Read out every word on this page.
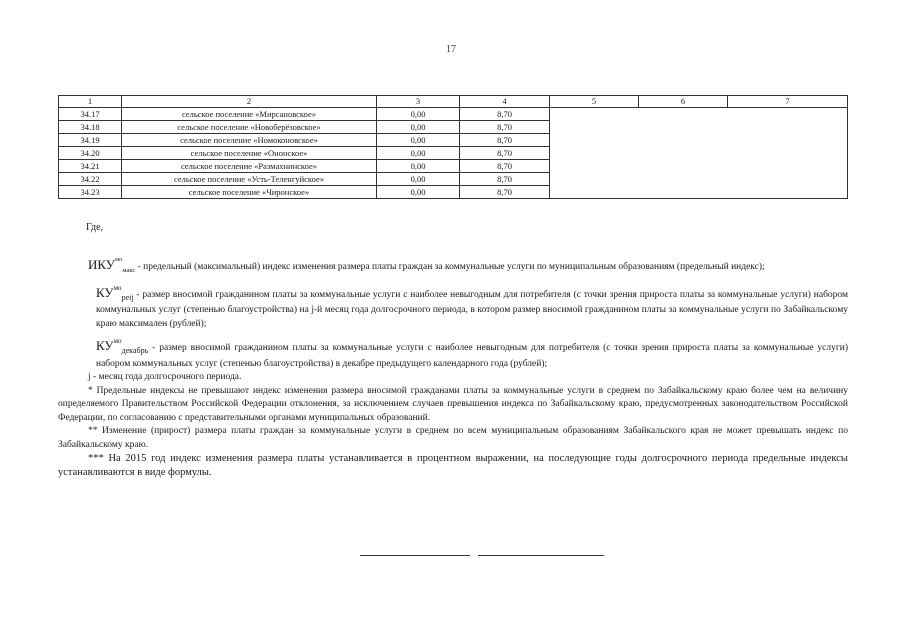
17
1	2	3	4	5	6	7
34.17	сельское поселение «Мирсановское»	0,00	8,70			
34.18	сельское поселение «Новоберёзовское»	0,00	8,70			
34.19	сельское поселение «Номоконовское»	0,00	8,70			
34.20	сельское поселение «Ононское»	0,00	8,70			
34.21	сельское поселение «Размахнинское»	0,00	8,70			
34.22	сельское поселение «Усть-Теленгуйское»	0,00	8,70			
34.23	сельское поселение «Чиронское»	0,00	8,70			
Где,

$ИКУ^{мо}_{макс}$ - предельный (максимальный) индекс изменения размера платы граждан за коммунальные услуги по муниципальным образованиям (предельный индекс);

$КУ^{мо}_{peij}$ - размер вносимой гражданином платы за коммунальные услуги с наиболее невыгодным для потребителя (с точки зрения прироста платы за коммунальные услуги) набором коммунальных услуг (степенью благоустройства) на j-й месяц года долгосрочного периода, в котором размер вносимой гражданином платы за коммунальные услуги по Забайкальскому краю максимален (рублей);

$КУ^{мо}_{декабрь}$ - размер вносимой гражданином платы за коммунальные услуги с наиболее невыгодным для потребителя (с точки зрения прироста платы за коммунальные услуги) набором коммунальных услуг (степенью благоустройства) в декабре предыдущего календарного года (рублей);

j - месяц года долгосрочного периода.

* Предельные индексы не превышают индекс изменения размера вносимой гражданами платы за коммунальные услуги в среднем по Забайкальскому краю более чем на величину определяемого Правительством Российской Федерации отклонения, за исключением случаев превышения индекса по Забайкальскому краю, предусмотренных законодательством Российской Федерации, по согласованию с представительными органами муниципальных образований.

** Изменение (прирост) размера платы граждан за коммунальные услуги в среднем по всем муниципальным образованиям Забайкальского края не может превышать индекс по Забайкальскому краю.

*** На 2015 год индекс изменения размера платы устанавливается в процентном выражении, на последующие годы долгосрочного периода предельные индексы устанавливаются в виде формулы.
